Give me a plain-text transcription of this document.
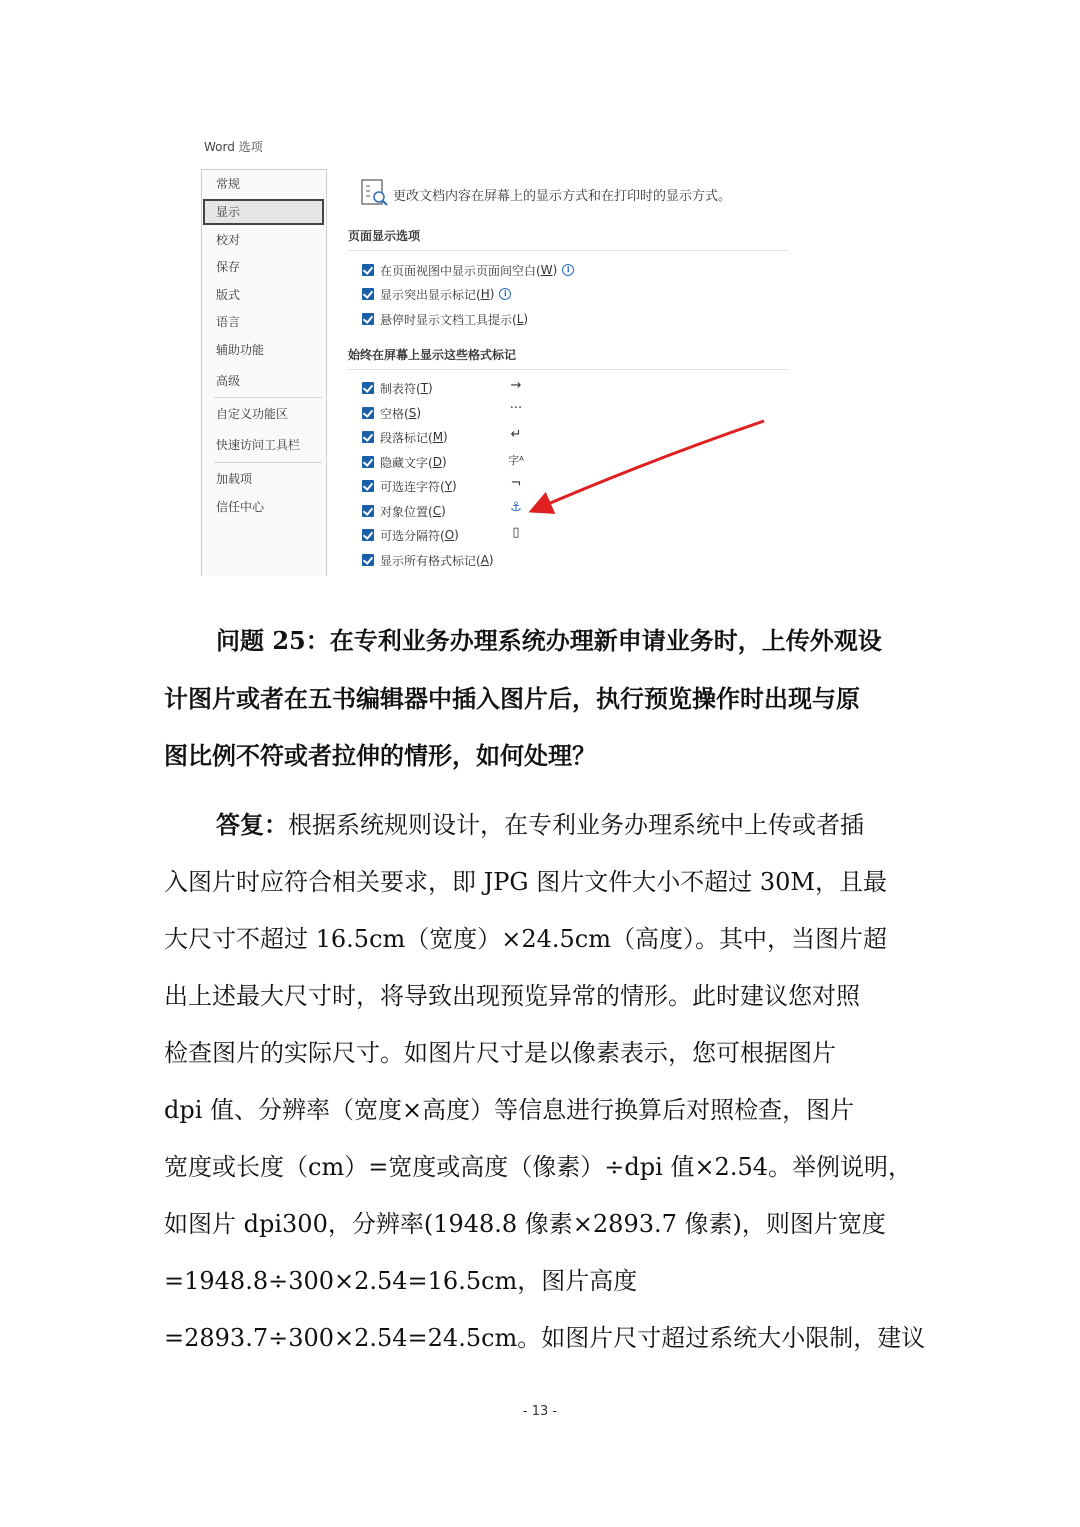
Word 选项
常规
显示
校对
保存
版式
语言
辅助功能
高级
自定义功能区
快速访问工具栏
加载项
信任中心
更改文档内容在屏幕上的显示方式和在打印时的显示方式。
页面显示选项
在页面视图中显示页面间空白( W )	i
显示突出显示标记( H )	i
悬停时显示文档工具提示( L )
始终在屏幕上显示这些格式标记
制表符( T )	→
空格( S )	···
段落标记( M )	↵
隐藏文字( D )	字ᴬ
可选连字符( Y )	¬
对象位置( C )	⚓
可选分隔符( O )	▯
显示所有格式标记( A )
问题 25：在专利业务办理系统办理新申请业务时，上传外观设
计图片或者在五书编辑器中插入图片后，执行预览操作时出现与原
图比例不符或者拉伸的情形，如何处理？
答复：根据系统规则设计，在专利业务办理系统中上传或者插
入图片时应符合相关要求，即 JPG 图片文件大小不超过 30M，且最
大尺寸不超过 16.5cm（宽度）×24.5cm（高度）。其中，当图片超
出上述最大尺寸时，将导致出现预览异常的情形。此时建议您对照
检查图片的实际尺寸。如图片尺寸是以像素表示，您可根据图片
dpi 值、分辨率（宽度×高度）等信息进行换算后对照检查，图片
宽度或长度（cm）=宽度或高度（像素）÷dpi 值×2.54。举例说明，
如图片 dpi300，分辨率(1948.8 像素×2893.7 像素)，则图片宽度
=1948.8÷300×2.54=16.5cm，图片高度
=2893.7÷300×2.54=24.5cm。如图片尺寸超过系统大小限制，建议
- 13 -
